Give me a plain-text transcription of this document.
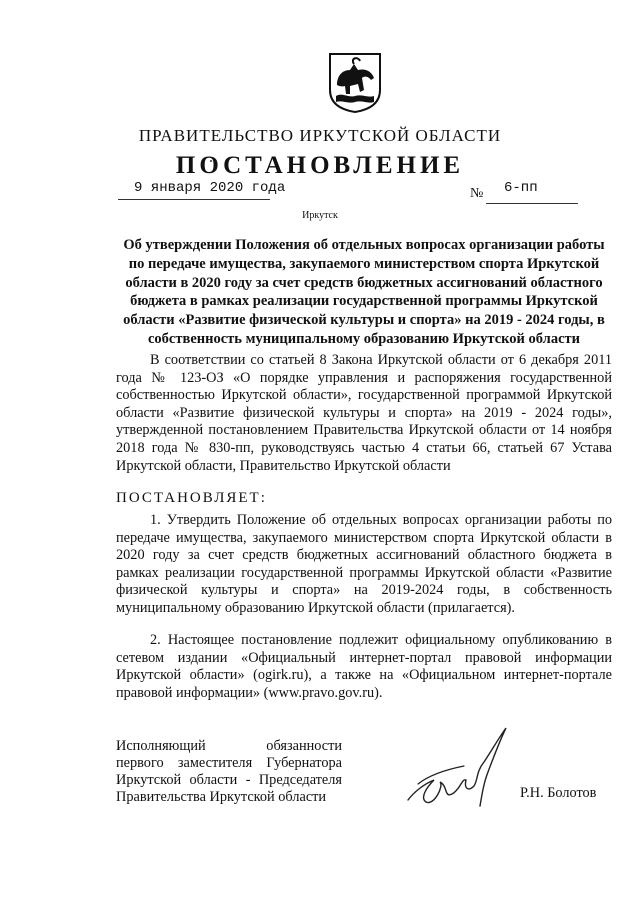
ПРАВИТЕЛЬСТВО ИРКУТСКОЙ ОБЛАСТИ
ПОСТАНОВЛЕНИЕ
9 января 2020 года	№ 6-пп
Иркутск
Об утверждении Положения об отдельных вопросах организации работы по передаче имущества, закупаемого министерством спорта Иркутской области в 2020 году за счет средств бюджетных ассигнований областного бюджета в рамках реализации государственной программы Иркутской области «Развитие физической культуры и спорта» на 2019 - 2024 годы, в собственность муниципальному образованию Иркутской области
В соответствии со статьей 8 Закона Иркутской области от 6 декабря 2011 года № 123-ОЗ «О порядке управления и распоряжения государственной собственностью Иркутской области», государственной программой Иркутской области «Развитие физической культуры и спорта» на 2019 - 2024 годы», утвержденной постановлением Правительства Иркутской области от 14 ноября 2018 года № 830-пп, руководствуясь частью 4 статьи 66, статьей 67 Устава Иркутской области, Правительство Иркутской области
ПОСТАНОВЛЯЕТ:
1. Утвердить Положение об отдельных вопросах организации работы по передаче имущества, закупаемого министерством спорта Иркутской области в 2020 году за счет средств бюджетных ассигнований областного бюджета в рамках реализации государственной программы Иркутской области «Развитие физической культуры и спорта» на 2019-2024 годы, в собственность муниципальному образованию Иркутской области (прилагается).
2. Настоящее постановление подлежит официальному опубликованию в сетевом издании «Официальный интернет-портал правовой информации Иркутской области» (ogirk.ru), а также на «Официальном интернет-портале правовой информации» (www.pravo.gov.ru).
Исполняющий обязанности
первого заместителя Губернатора
Иркутской области - Председателя
Правительства Иркутской области	Р.Н. Болотов
